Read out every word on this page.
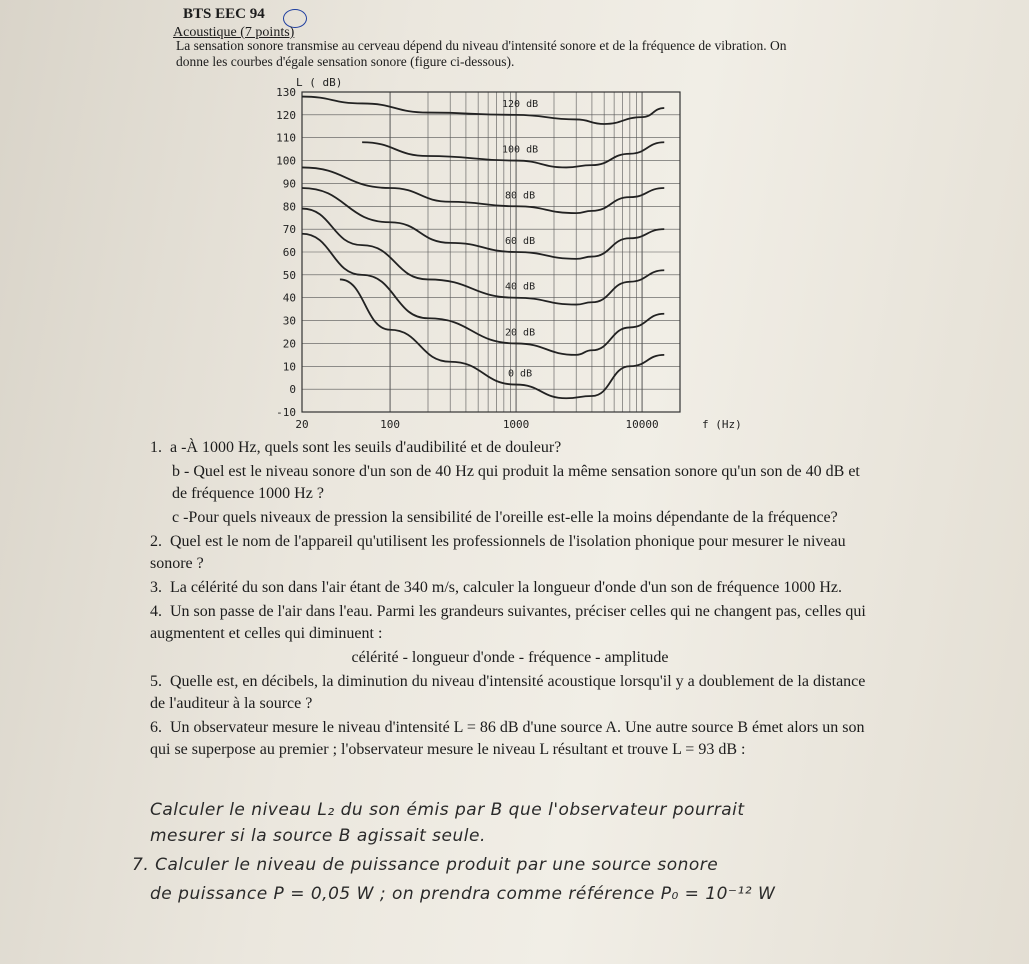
BTS EEC 94
Acoustique (7 points)
La sensation sonore transmise au cerveau dépend du niveau d'intensité sonore et de la fréquence de vibration. On donne les courbes d'égale sensation sonore (figure ci-dessous).
130
120
110
100
90
80
70
60
50
40
30
20
10
0
-10
20	100	1000	10000
L ( dB)
f (Hz)
120 dB
100 dB
80 dB
60 dB
40 dB
20 dB
0 dB
1. a -À 1000 Hz, quels sont les seuils d'audibilité et de douleur?
b - Quel est le niveau sonore d'un son de 40 Hz qui produit la même sensation sonore qu'un son de 40 dB et de fréquence 1000 Hz ?
c -Pour quels niveaux de pression la sensibilité de l'oreille est-elle la moins dépendante de la fréquence?
2. Quel est le nom de l'appareil qu'utilisent les professionnels de l'isolation phonique pour mesurer le niveau sonore ?
3. La célérité du son dans l'air étant de 340 m/s, calculer la longueur d'onde d'un son de fréquence 1000 Hz.
4. Un son passe de l'air dans l'eau. Parmi les grandeurs suivantes, préciser celles qui ne changent pas, celles qui augmentent et celles qui diminuent :
célérité - longueur d'onde - fréquence - amplitude
5. Quelle est, en décibels, la diminution du niveau d'intensité acoustique lorsqu'il y a doublement de la distance de l'auditeur à la source ?
6. Un observateur mesure le niveau d'intensité L = 86 dB d'une source A. Une autre source B émet alors un son qui se superpose au premier ; l'observateur mesure le niveau L résultant et trouve L = 93 dB :
Calculer le niveau L₂ du son émis par B que l'observateur pourrait
mesurer si la source B agissait seule.
7. Calculer le niveau de puissance produit par une source sonore
de puissance P = 0,05 W ; on prendra comme référence P₀ = 10⁻¹² W
